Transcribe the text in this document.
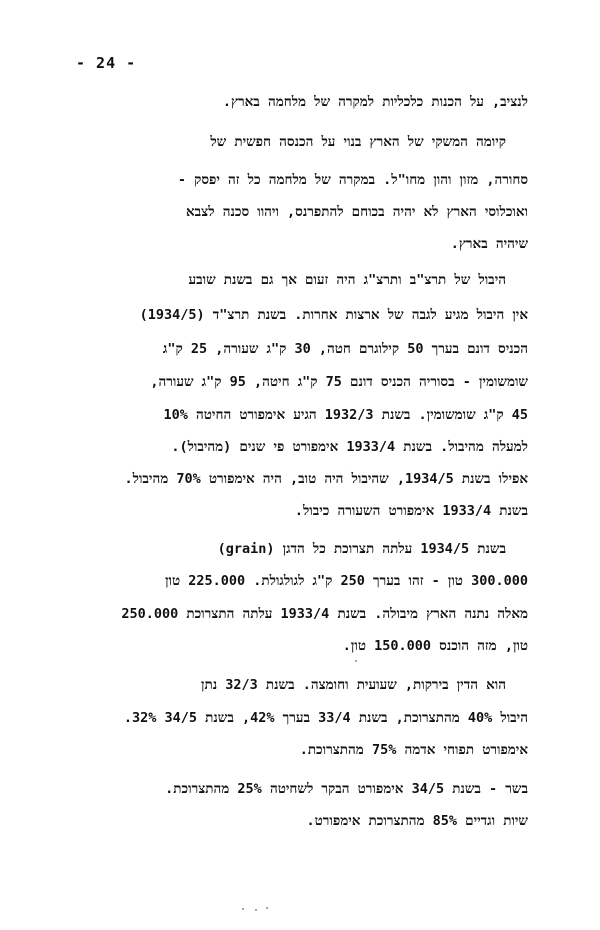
- 24 -
לנציב, על הכנות כלכליות למקרה של מלחמה בארץ.
קיומה המשקי של הארץ בנוי על הכנסה חפשית של
סחורה, מזון והון מחו"ל. במקרה של מלחמה כל זה יפסק -
ואוכלוסי הארץ לא יהיה בכוחם להתפרנס, ויהוו סכנה לצבא
שיהיה בארץ.
היבול של תרצ"ב ותרצ"ג היה זעום אך גם בשנת שובע
אין היבול מגיע לגבה של ארצות אחרות. בשנת תרצ"ד (1934/5)
הכניס דונם בערך 50 קילוגרם חטה, 30 ק"ג שעורה, 25 ק"ג
שומשומין - בסוריה הכניס דונם 75 ק"ג חיטה, 95 ק"ג שעורה,
45 ק"ג שומשומין. בשנת 1932/3 הגיע אימפורט החיטה 10%
למעלה מהיבול. בשנת 1933/4 אימפורט פי שנים (מהיבול).
אפילו בשנת 1934/5, שהיבול היה טוב, היה אימפורט 70% מהיבול.
בשנת 1933/4 אימפורט השעורה כיבול.
בשנת 1934/5 עלתה תצרוכת כל הדגן (grain)
300.000 טון - זהו בערך 250 ק"ג לגולגולת. 225.000 טון
מאלה נתנה הארץ מיבולה. בשנת 1933/4 עלתה התצרוכת 250.000
טון, מזה הוכנס 150.000 טון.
הוא הדין בירקות, שעועית וחומצה. בשנת 32/3 נתן
היבול 40% מהתצרוכת, בשנת 33/4 בערך 42%, בשנת 34/5 32%.
אימפורט תפוחי אדמה 75% מהתצרוכת.
בשר - בשנת 34/5 אימפורט הבקר לשחיטה 25% מהתצרוכת.
שיות וגדיים 85% מהתצרוכת אימפורט.
